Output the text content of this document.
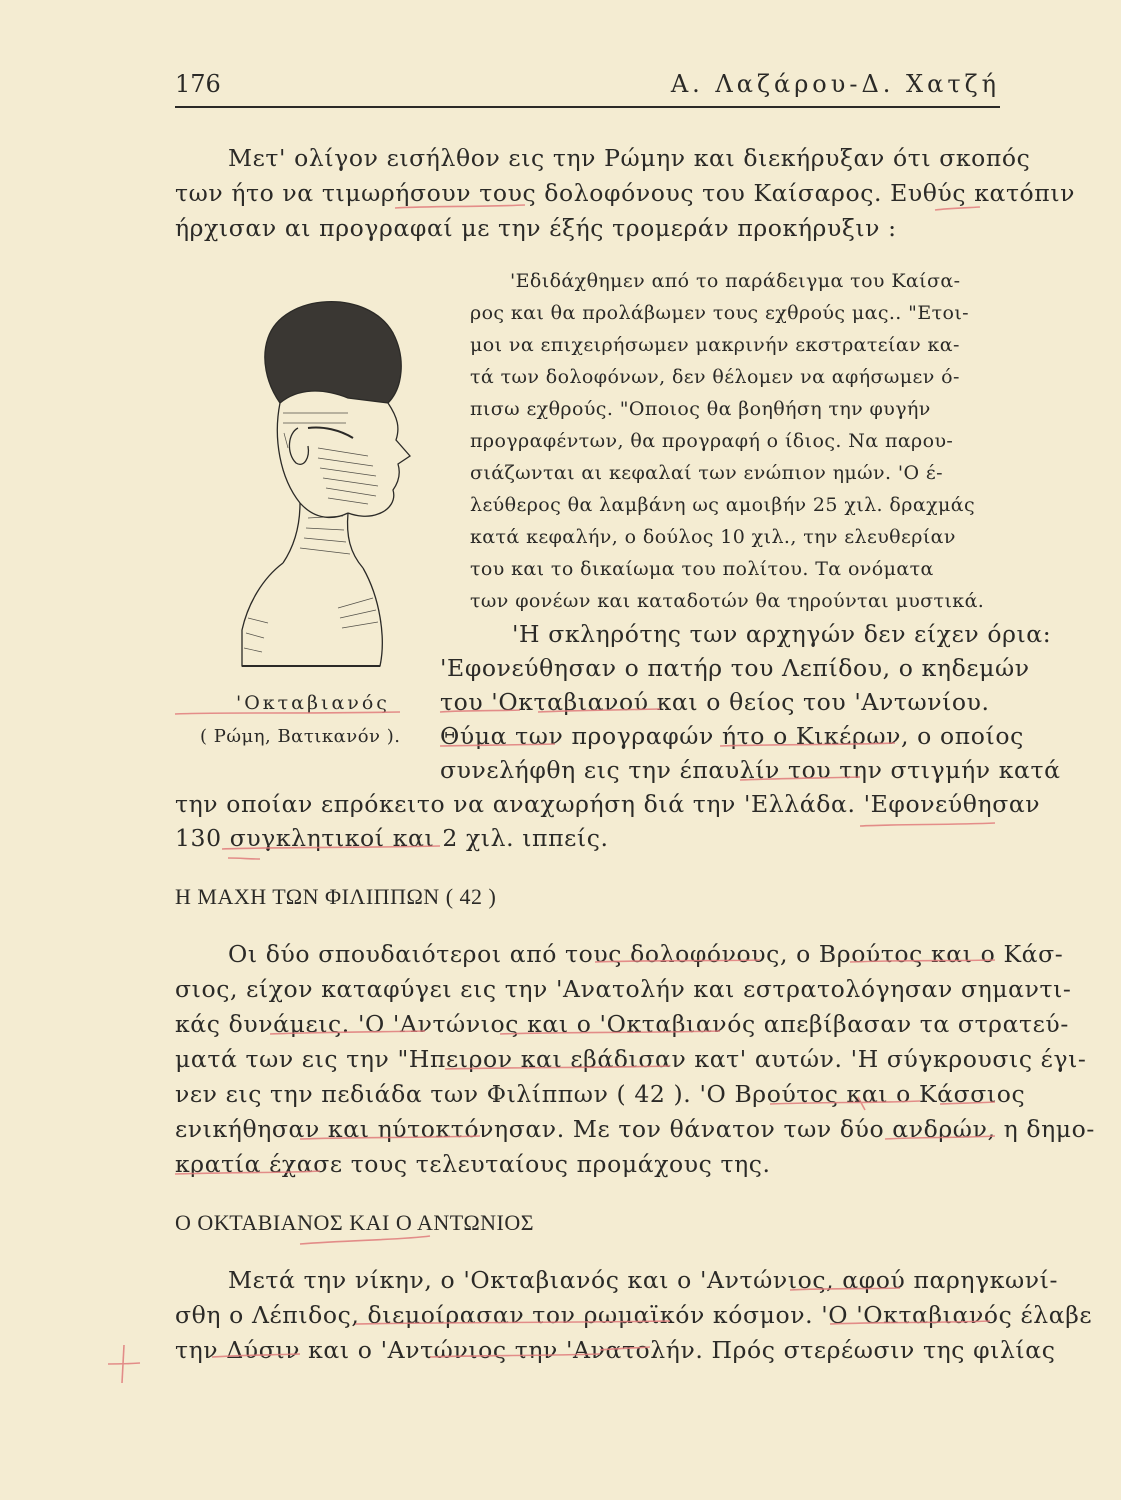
176	Α. Λαζάρου-Δ. Χατζή
Μετ' ολίγον εισήλθον εις την Ρώμην και διεκήρυξαν ότι σκοπός
των ήτο να τιμωρήσουν τους δολοφόνους του Καίσαρος. Ευθύς κατόπιν
ήρχισαν αι προγραφαί με την έξής τρομεράν προκήρυξιν :
'Εδιδάχθημεν από το παράδειγμα του Καίσα-
ρος και θα προλάβωμεν τους εχθρούς μας.. "Ετοι-
μοι να επιχειρήσωμεν μακρινήν εκστρατείαν κα-
τά των δολοφόνων, δεν θέλομεν να αφήσωμεν ό-
πισω εχθρούς. "Οποιος θα βοηθήση την φυγήν
προγραφέντων, θα προγραφή ο ίδιος. Να παρου-
σιάζωνται αι κεφαλαί των ενώπιον ημών. 'Ο έ-
λεύθερος θα λαμβάνη ως αμοιβήν 25 χιλ. δραχμάς
κατά κεφαλήν, ο δούλος 10 χιλ., την ελευθερίαν
του και το δικαίωμα του πολίτου. Τα ονόματα
των φονέων και καταδοτών θα τηρούνται μυστικά.
'Η σκληρότης των αρχηγών δεν είχεν όρια:
'Εφονεύθησαν ο πατήρ του Λεπίδου, ο κηδεμών
του 'Οκταβιανού και ο θείος του 'Αντωνίου.
Θύμα των προγραφών ήτο ο Κικέρων, ο οποίος
συνελήφθη εις την έπαυλίν του την στιγμήν κατά
την οποίαν επρόκειτο να αναχωρήση διά την 'Ελλάδα. 'Εφονεύθησαν
130 συγκλητικοί και 2 χιλ. ιππείς.
'Οκταβιανός
( Ρώμη, Βατικανόν ).
Η ΜΑΧΗ ΤΩΝ ΦΙΛΙΠΠΩΝ ( 42 )
Οι δύο σπουδαιότεροι από τους δολοφόνους, ο Βρούτος και ο Κάσ-
σιος, είχον καταφύγει εις την 'Ανατολήν και εστρατολόγησαν σημαντι-
κάς δυνάμεις. 'Ο 'Αντώνιος και ο 'Οκταβιανός απεβίβασαν τα στρατεύ-
ματά των εις την "Ηπειρον και εβάδισαν κατ' αυτών. 'Η σύγκρουσις έγι-
νεν εις την πεδιάδα των Φιλίππων ( 42 ). 'Ο Βρούτος και ο Κάσσιος
ενικήθησαν και ηύτοκτόνησαν. Με τον θάνατον των δύο ανδρών, η δημο-
κρατία έχασε τους τελευταίους προμάχους της.
Ο ΟΚΤΑΒΙΑΝΟΣ ΚΑΙ Ο ΑΝΤΩΝΙΟΣ
Μετά την νίκην, ο 'Οκταβιανός και ο 'Αντώνιος, αφού παρηγκωνί-
σθη ο Λέπιδος, διεμοίρασαν τον ρωμαϊκόν κόσμον. 'Ο 'Οκταβιανός έλαβε
την Δύσιν και ο 'Αντώνιος την 'Ανατολήν. Πρός στερέωσιν της φιλίας
